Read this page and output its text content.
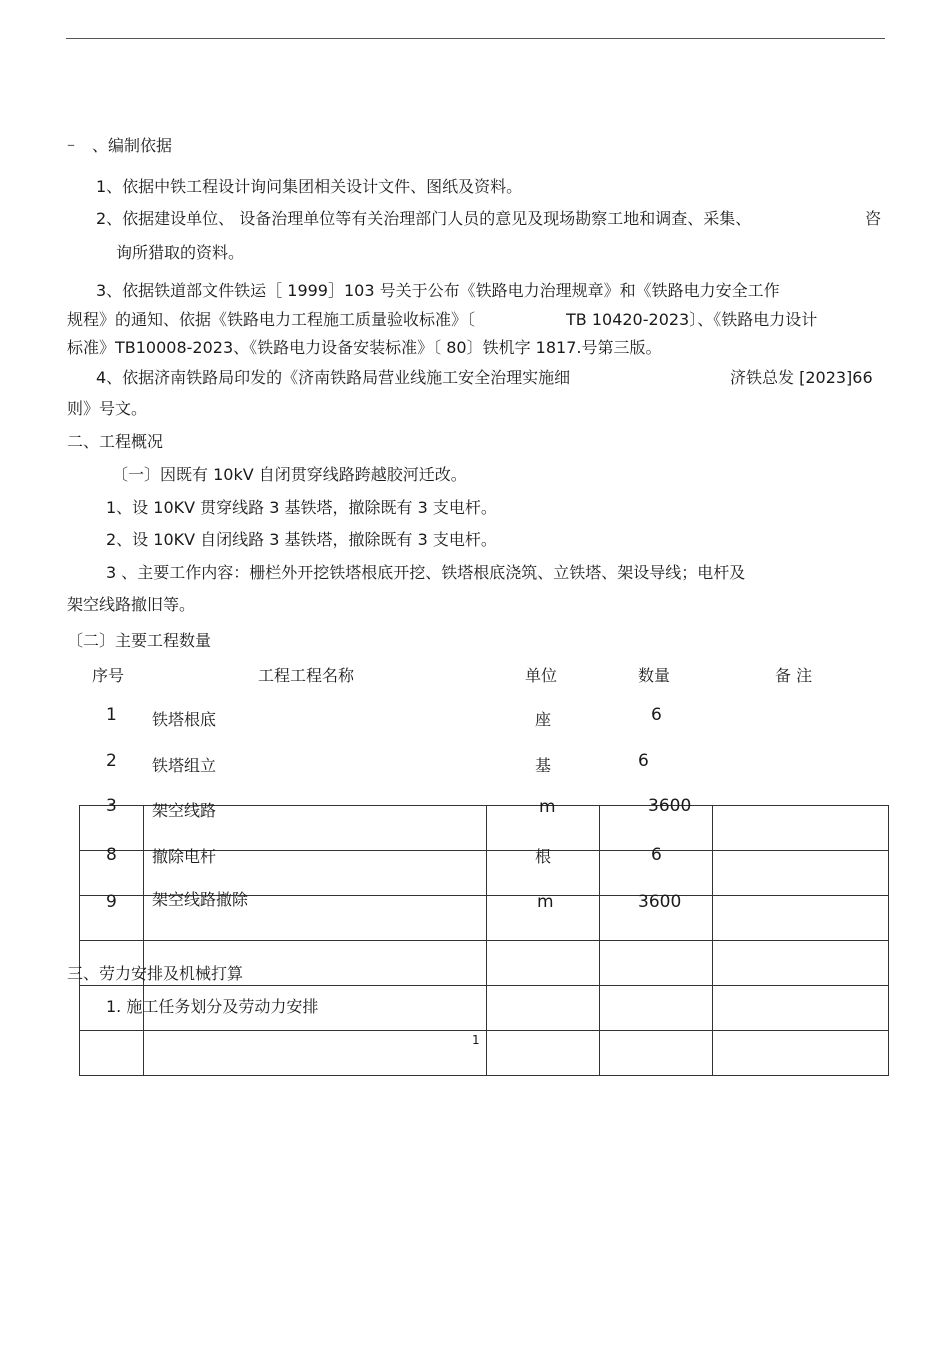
– 、编制依据
1、依据中铁工程设计询问集团相关设计文件、图纸及资料。
2、依据建设单位、 设备治理单位等有关治理部门人员的意见及现场勘察工地和调查、采集、	咨
询所猎取的资料。
3、依据铁道部文件铁运［ 1999］103 号关于公布《铁路电力治理规章》和《铁路电力安全工作
规程》的通知、依据《铁路电力工程施工质量验收标准》〔	TB 10420-2023〕、《铁路电力设计
标准》TB10008-2023、《铁路电力设备安装标准》〔 80〕铁机字 1817.号第三版。
4、依据济南铁路局印发的《济南铁路局营业线施工安全治理实施细	济铁总发 [2023]66
则》号文。
二、工程概况
〔一〕因既有 10kV 自闭贯穿线路跨越胶河迁改。
1、设 10KV 贯穿线路 3 基铁塔，撤除既有 3 支电杆。
2、设 10KV 自闭线路 3 基铁塔，撤除既有 3 支电杆。
3 、主要工作内容：栅栏外开挖铁塔根底开挖、铁塔根底浇筑、立铁塔、架设导线；电杆及
架空线路撤旧等。
〔二〕主要工程数量
序号	工程工程名称	单位	数量	备 注
1 铁塔根底	座	6
2 铁塔组立	基	6
3 架空线路	m	3600
8 撤除电杆	根	6
9 架空线路撤除	m	3600
三、劳力安排及机械打算
1. 施工任务划分及劳动力安排
1
